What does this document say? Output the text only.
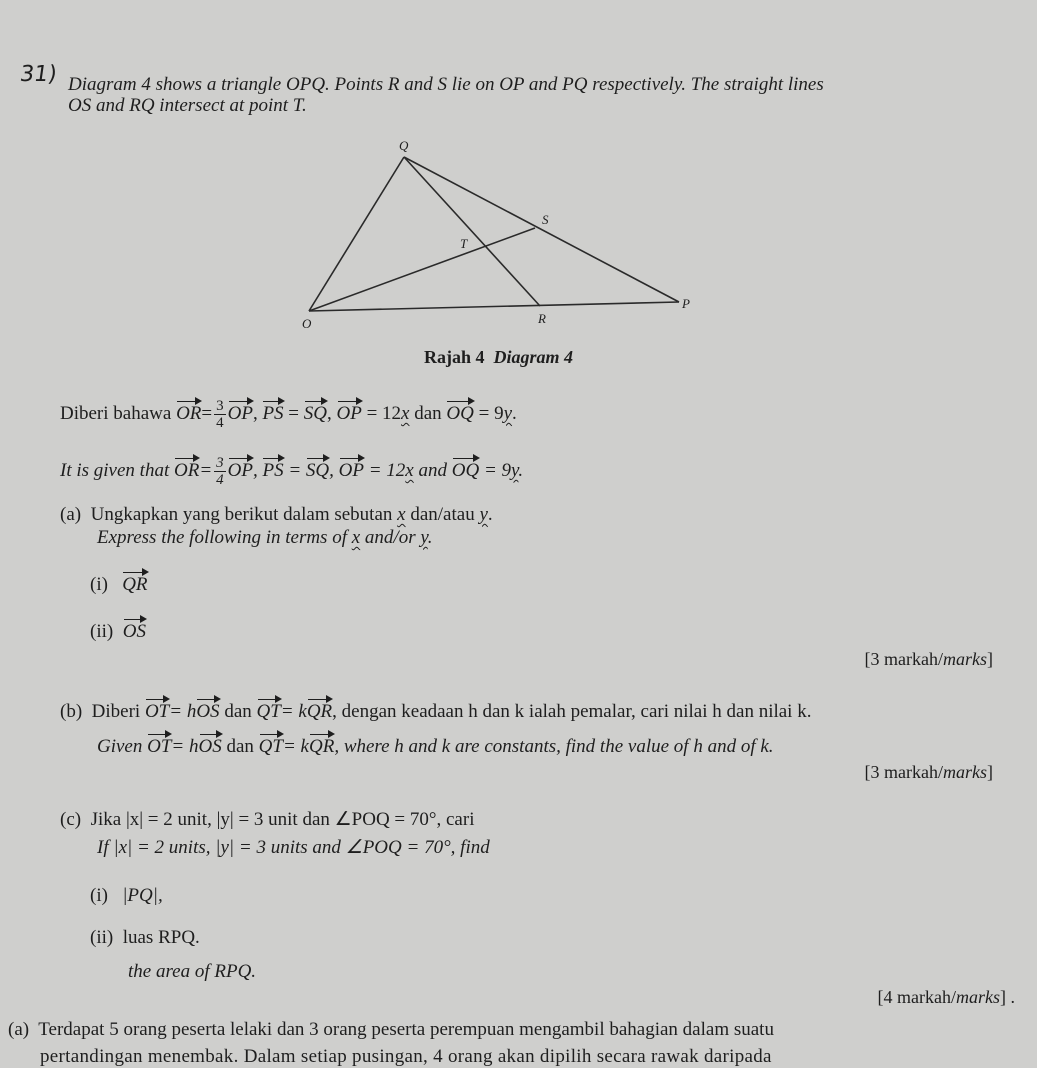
31) Diagram 4 shows a triangle OPQ. Points R and S lie on OP and PQ respectively. The straight lines
OS and RQ intersect at point T.
Q
S
T
O	R
P
Rajah 4 Diagram 4
Diberi bahawa $OR= \frac{3}{4}$ OP, PS = SQ, OP = 12x dan OQ = 9y.
It is given that $OR= \frac{3}{4}$ OP, PS = SQ, OP = 12x and OQ = 9y.
(a) Ungkapkan yang berikut dalam sebutan x dan/atau y.
Express the following in terms of x and/or y.
(i) QR
(ii) OS
[3 markah/marks]
(b) Diberi OT= hOS dan QT= kQR, dengan keadaan h dan k ialah pemalar, cari nilai h dan nilai k.
Given OT= hOS dan QT= kQR, where h and k are constants, find the value of h and of k.
[3 markah/marks]
(c) Jika |x| = 2 unit, |y| = 3 unit dan ∠POQ = 70°, cari
If |x| = 2 units, |y| = 3 units and ∠POQ = 70°, find
(i) |PQ|,
(ii) luas RPQ.
the area of RPQ.
[4 markah/marks] .
(a) Terdapat 5 orang peserta lelaki dan 3 orang peserta perempuan mengambil bahagian dalam suatu
pertandingan menembak. Dalam setiap pusingan, 4 orang akan dipilih secara rawak daripada
